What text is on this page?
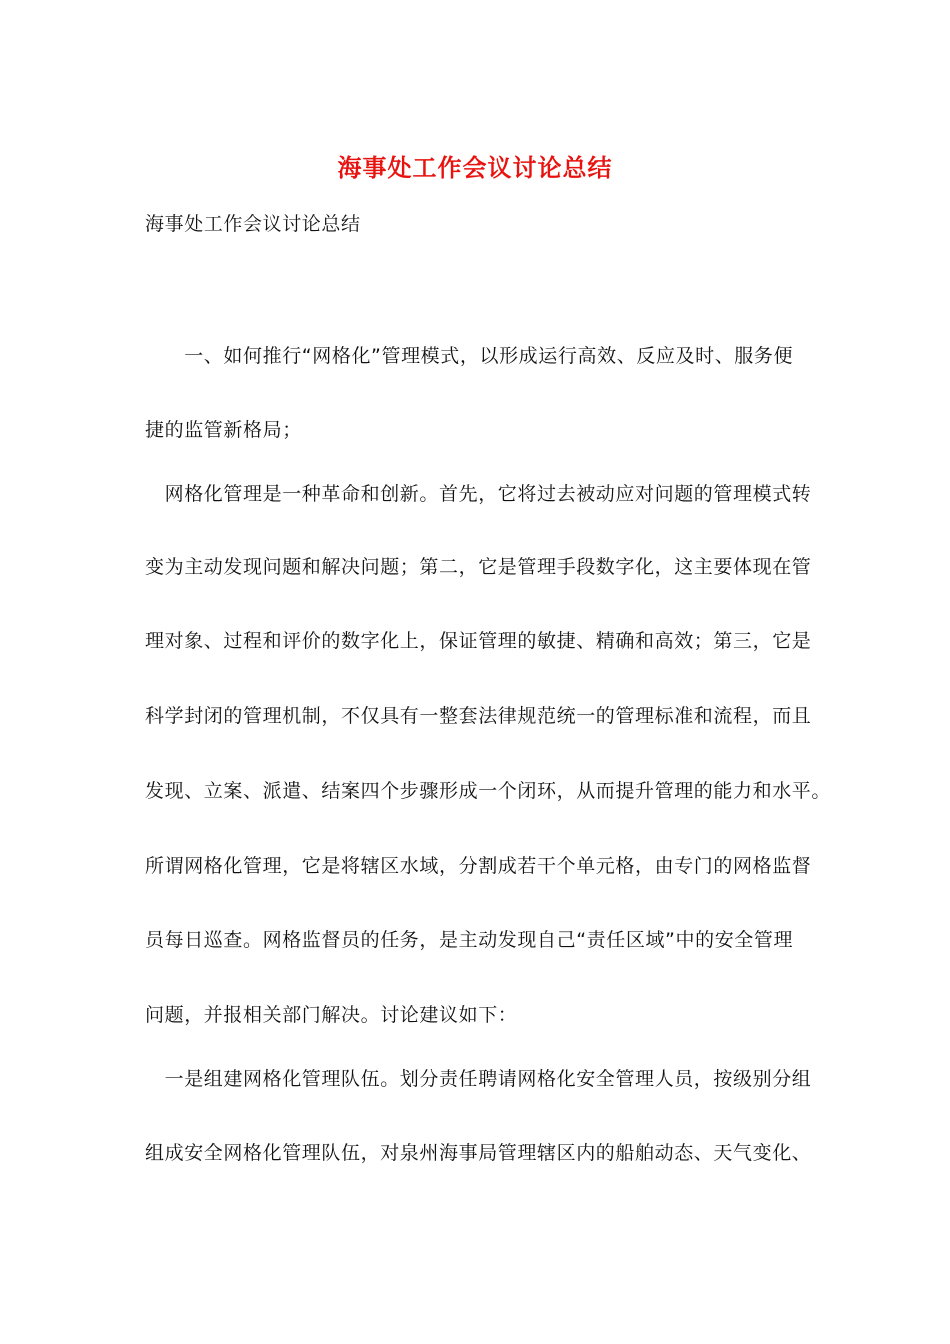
海事处工作会议讨论总结
海事处工作会议讨论总结
　　一、如何推行“网格化”管理模式，以形成运行高效、反应及时、服务便
捷的监管新格局；
　网格化管理是一种革命和创新。首先，它将过去被动应对问题的管理模式转
变为主动发现问题和解决问题；第二，它是管理手段数字化，这主要体现在管
理对象、过程和评价的数字化上，保证管理的敏捷、精确和高效；第三，它是
科学封闭的管理机制，不仅具有一整套法律规范统一的管理标准和流程，而且
发现、立案、派遣、结案四个步骤形成一个闭环，从而提升管理的能力和水平。
所谓网格化管理，它是将辖区水域，分割成若干个单元格，由专门的网格监督
员每日巡查。网格监督员的任务，是主动发现自己“责任区域”中的安全管理
问题，并报相关部门解决。讨论建议如下：
　一是组建网格化管理队伍。划分责任聘请网格化安全管理人员，按级别分组
组成安全网格化管理队伍，对泉州海事局管理辖区内的船舶动态、天气变化、
